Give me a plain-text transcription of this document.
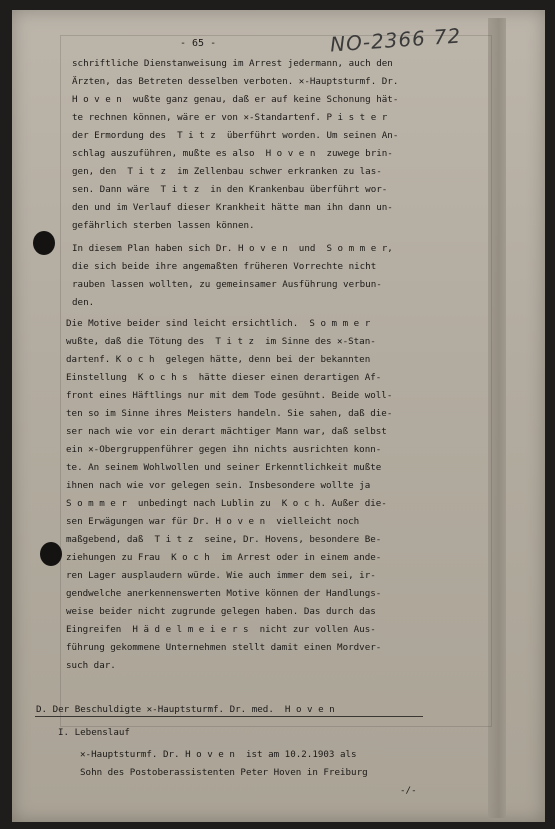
NO-2366 72
- 65 -

schriftliche Dienstanweisung im Arrest jedermann, auch den

Ärzten, das Betreten desselben verboten. ✕-Hauptsturmf. Dr.

H o v e n  wußte ganz genau, daß er auf keine Schonung hät-

te rechnen können, wäre er von ✕-Standartenf. P i s t e r

der Ermordung des  T i t z  überführt worden. Um seinen An-

schlag auszuführen, mußte es also  H o v e n  zuwege brin-

gen, den  T i t z  im Zellenbau schwer erkranken zu las-

sen. Dann wäre  T i t z  in den Krankenbau überführt wor-

den und im Verlauf dieser Krankheit hätte man ihn dann un-

gefährlich sterben lassen können.

In diesem Plan haben sich Dr. H o v e n  und  S o m m e r,

die sich beide ihre angemaßten früheren Vorrechte nicht

rauben lassen wollten, zu gemeinsamer Ausführung verbun-

den.

Die Motive beider sind leicht ersichtlich.  S o m m e r

wußte, daß die Tötung des  T i t z  im Sinne des ✕-Stan-

dartenf. K o c h  gelegen hätte, denn bei der bekannten

Einstellung  K o c h s  hätte dieser einen derartigen Af-

front eines Häftlings nur mit dem Tode gesühnt. Beide woll-

ten so im Sinne ihres Meisters handeln. Sie sahen, daß die-

ser nach wie vor ein derart mächtiger Mann war, daß selbst

ein ✕-Obergruppenführer gegen ihn nichts ausrichten konn-

te. An seinem Wohlwollen und seiner Erkenntlichkeit mußte

ihnen nach wie vor gelegen sein. Insbesondere wollte ja

S o m m e r  unbedingt nach Lublin zu  K o c h. Außer die-

sen Erwägungen war für Dr. H o v e n  vielleicht noch

maßgebend, daß  T i t z  seine, Dr. Hovens, besondere Be-

ziehungen zu Frau  K o c h  im Arrest oder in einem ande-

ren Lager ausplaudern würde. Wie auch immer dem sei, ir-

gendwelche anerkennenswerten Motive können der Handlungs-

weise beider nicht zugrunde gelegen haben. Das durch das

Eingreifen  H ä d e l m e i e r s  nicht zur vollen Aus-

führung gekommene Unternehmen stellt damit einen Mordver-

such dar.

D. Der Beschuldigte ✕-Hauptsturmf. Dr. med.  H o v e n

I. Lebenslauf

✕-Hauptsturmf. Dr. H o v e n  ist am 10.2.1903 als

Sohn des Postoberassistenten Peter Hoven in Freiburg

-/-
